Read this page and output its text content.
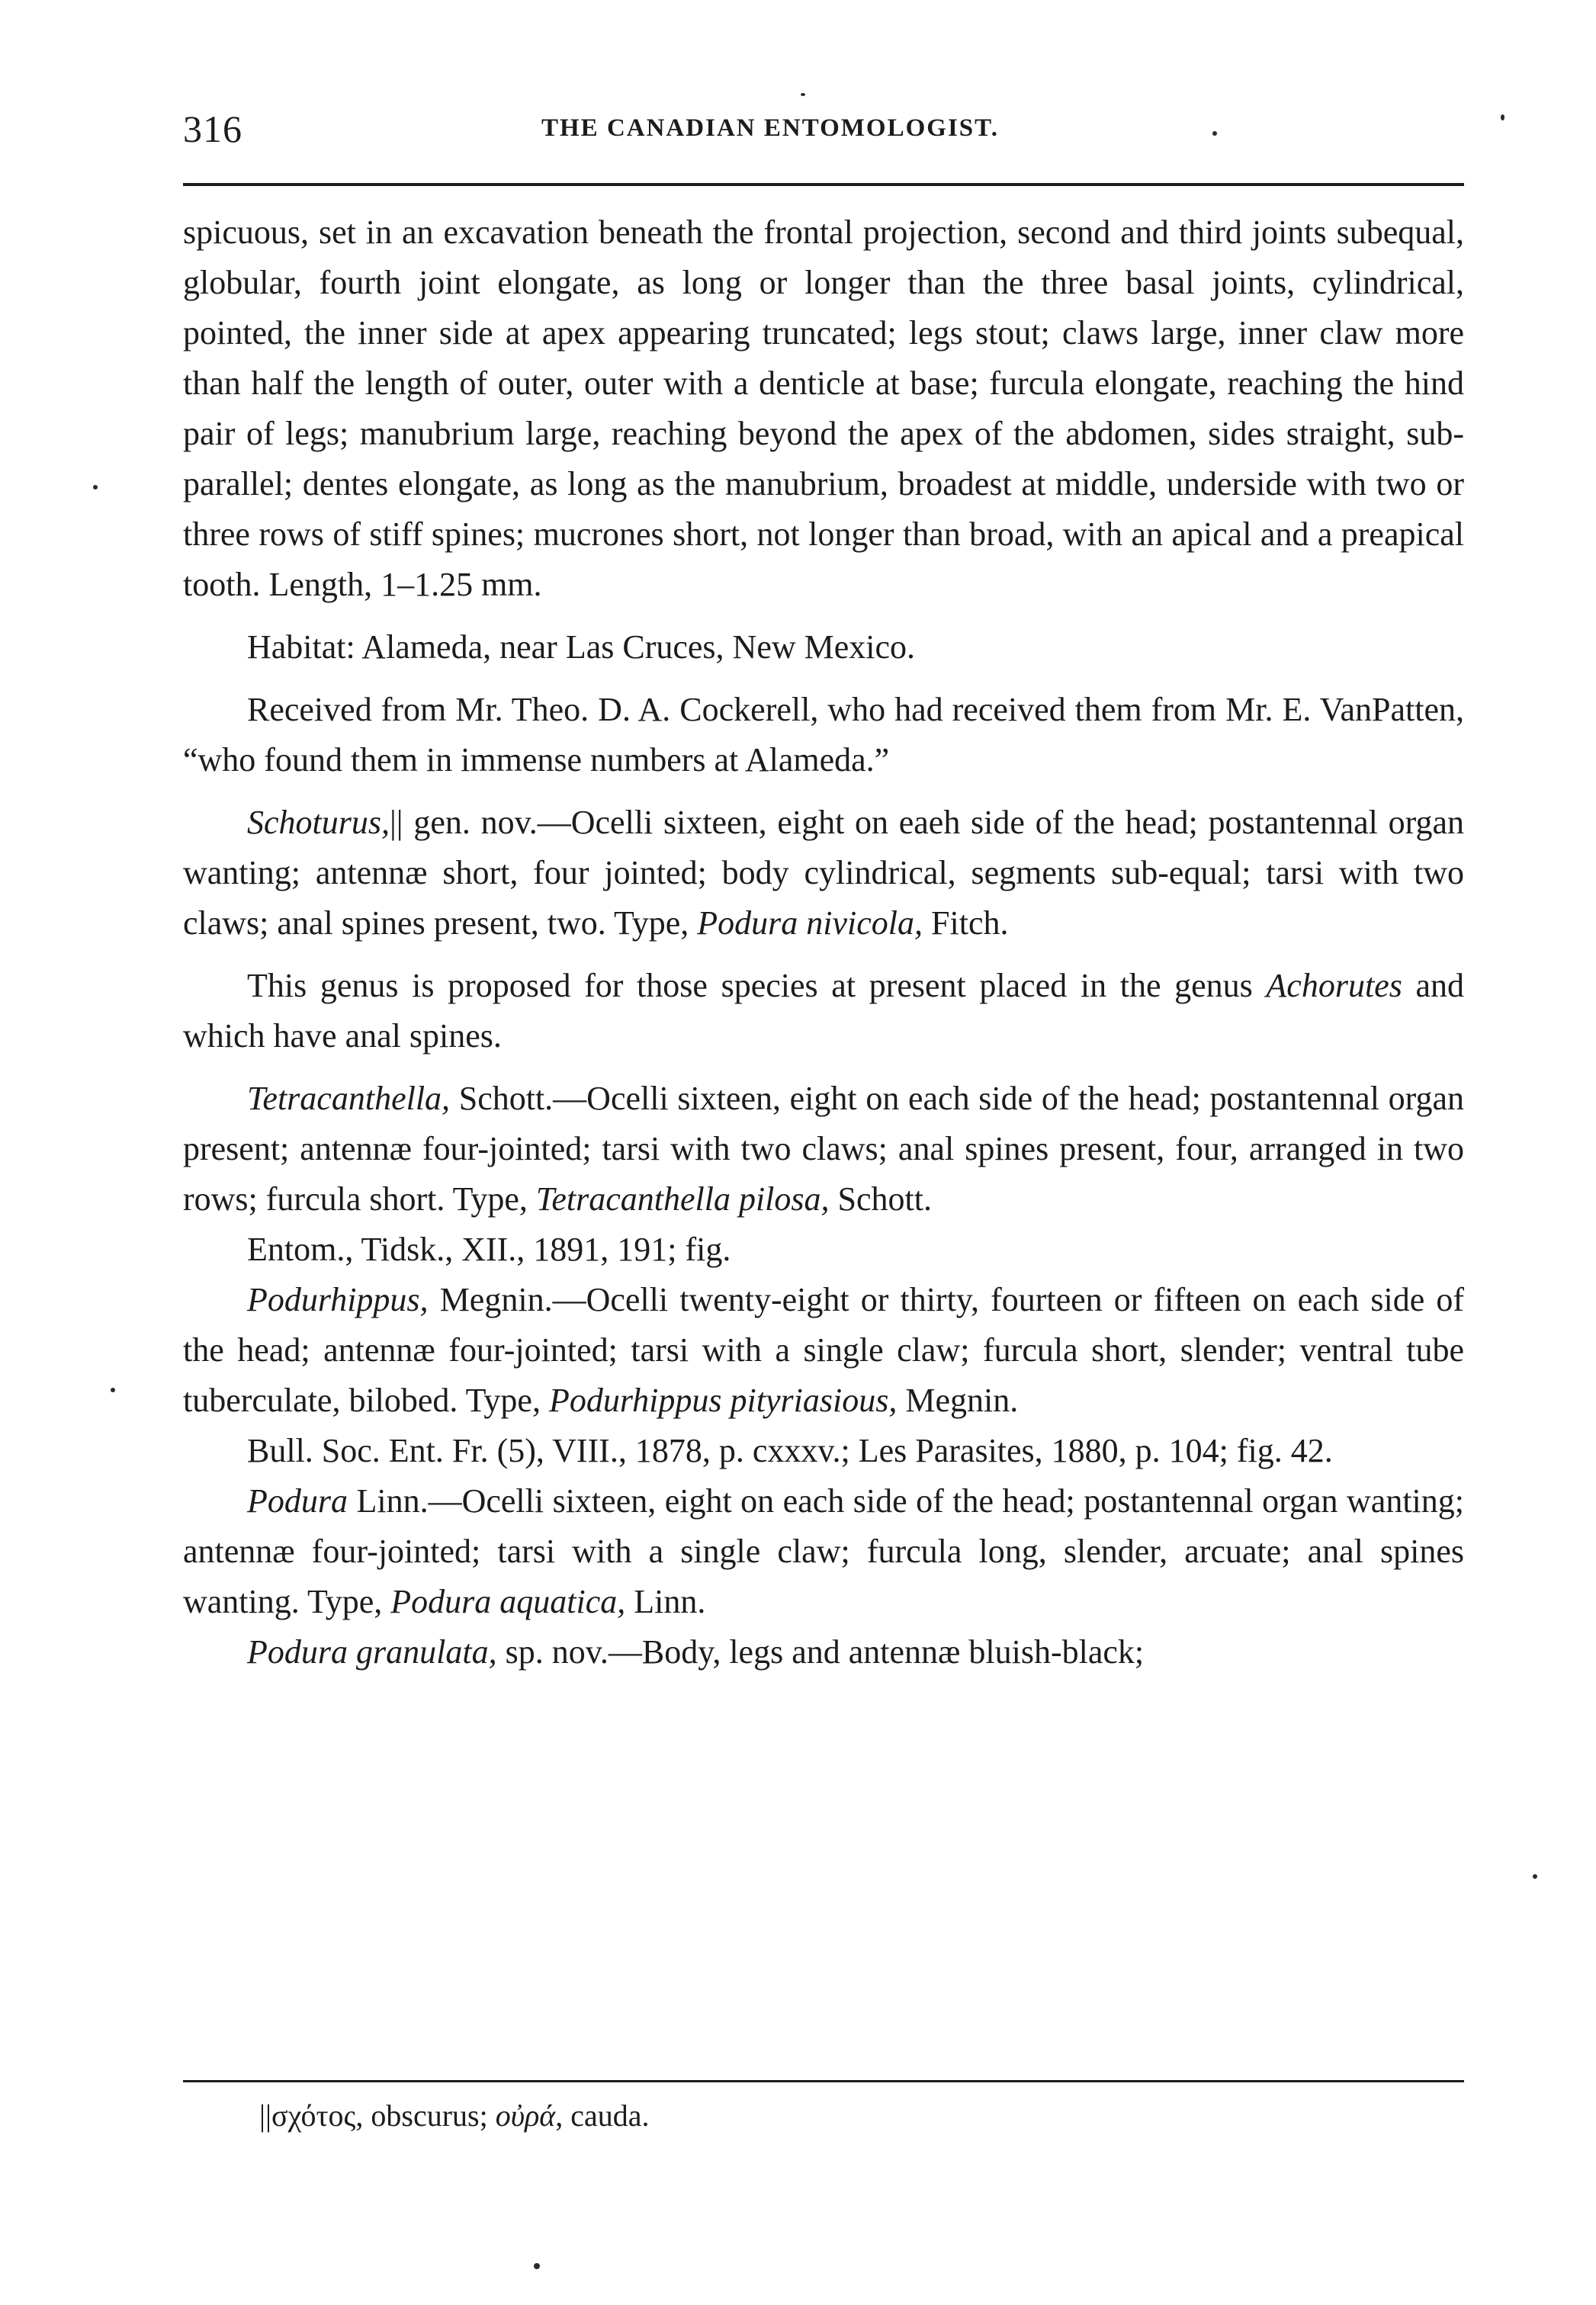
316	THE CANADIAN ENTOMOLOGIST.

spicuous, set in an excavation beneath the frontal projection, second and third joints subequal, globular, fourth joint elongate, as long or longer than the three basal joints, cylindrical, pointed, the inner side at apex appearing truncated; legs stout; claws large, inner claw more than half the length of outer, outer with a denticle at base; furcula elongate, reaching the hind pair of legs; manubrium large, reaching beyond the apex of the abdomen, sides straight, sub-parallel; dentes elongate, as long as the manubrium, broadest at middle, underside with two or three rows of stiff spines; mucrones short, not longer than broad, with an apical and a preapical tooth. Length, 1–1.25 mm.

Habitat: Alameda, near Las Cruces, New Mexico.

Received from Mr. Theo. D. A. Cockerell, who had received them from Mr. E. VanPatten, “who found them in immense numbers at Alameda.”

Schoturus,|| gen. nov.—Ocelli sixteen, eight on eaeh side of the head; postantennal organ wanting; antennæ short, four jointed; body cylindrical, segments sub-equal; tarsi with two claws; anal spines present, two. Type, Podura nivicola, Fitch.

This genus is proposed for those species at present placed in the genus Achorutes and which have anal spines.

Tetracanthella, Schott.—Ocelli sixteen, eight on each side of the head; postantennal organ present; antennæ four-jointed; tarsi with two claws; anal spines present, four, arranged in two rows; furcula short. Type, Tetracanthella pilosa, Schott.

Entom., Tidsk., XII., 1891, 191; fig.

Podurhippus, Megnin.—Ocelli twenty-eight or thirty, fourteen or fifteen on each side of the head; antennæ four-jointed; tarsi with a single claw; furcula short, slender; ventral tube tuberculate, bilobed. Type, Podurhippus pityriasious, Megnin.

Bull. Soc. Ent. Fr. (5), VIII., 1878, p. cxxxv.; Les Parasites, 1880, p. 104; fig. 42.

Podura Linn.—Ocelli sixteen, eight on each side of the head; postantennal organ wanting; antennæ four-jointed; tarsi with a single claw; furcula long, slender, arcuate; anal spines wanting. Type, Podura aquatica, Linn.

Podura granulata, sp. nov.—Body, legs and antennæ bluish-black;

||σχότος, obscurus; οὐρά, cauda.
